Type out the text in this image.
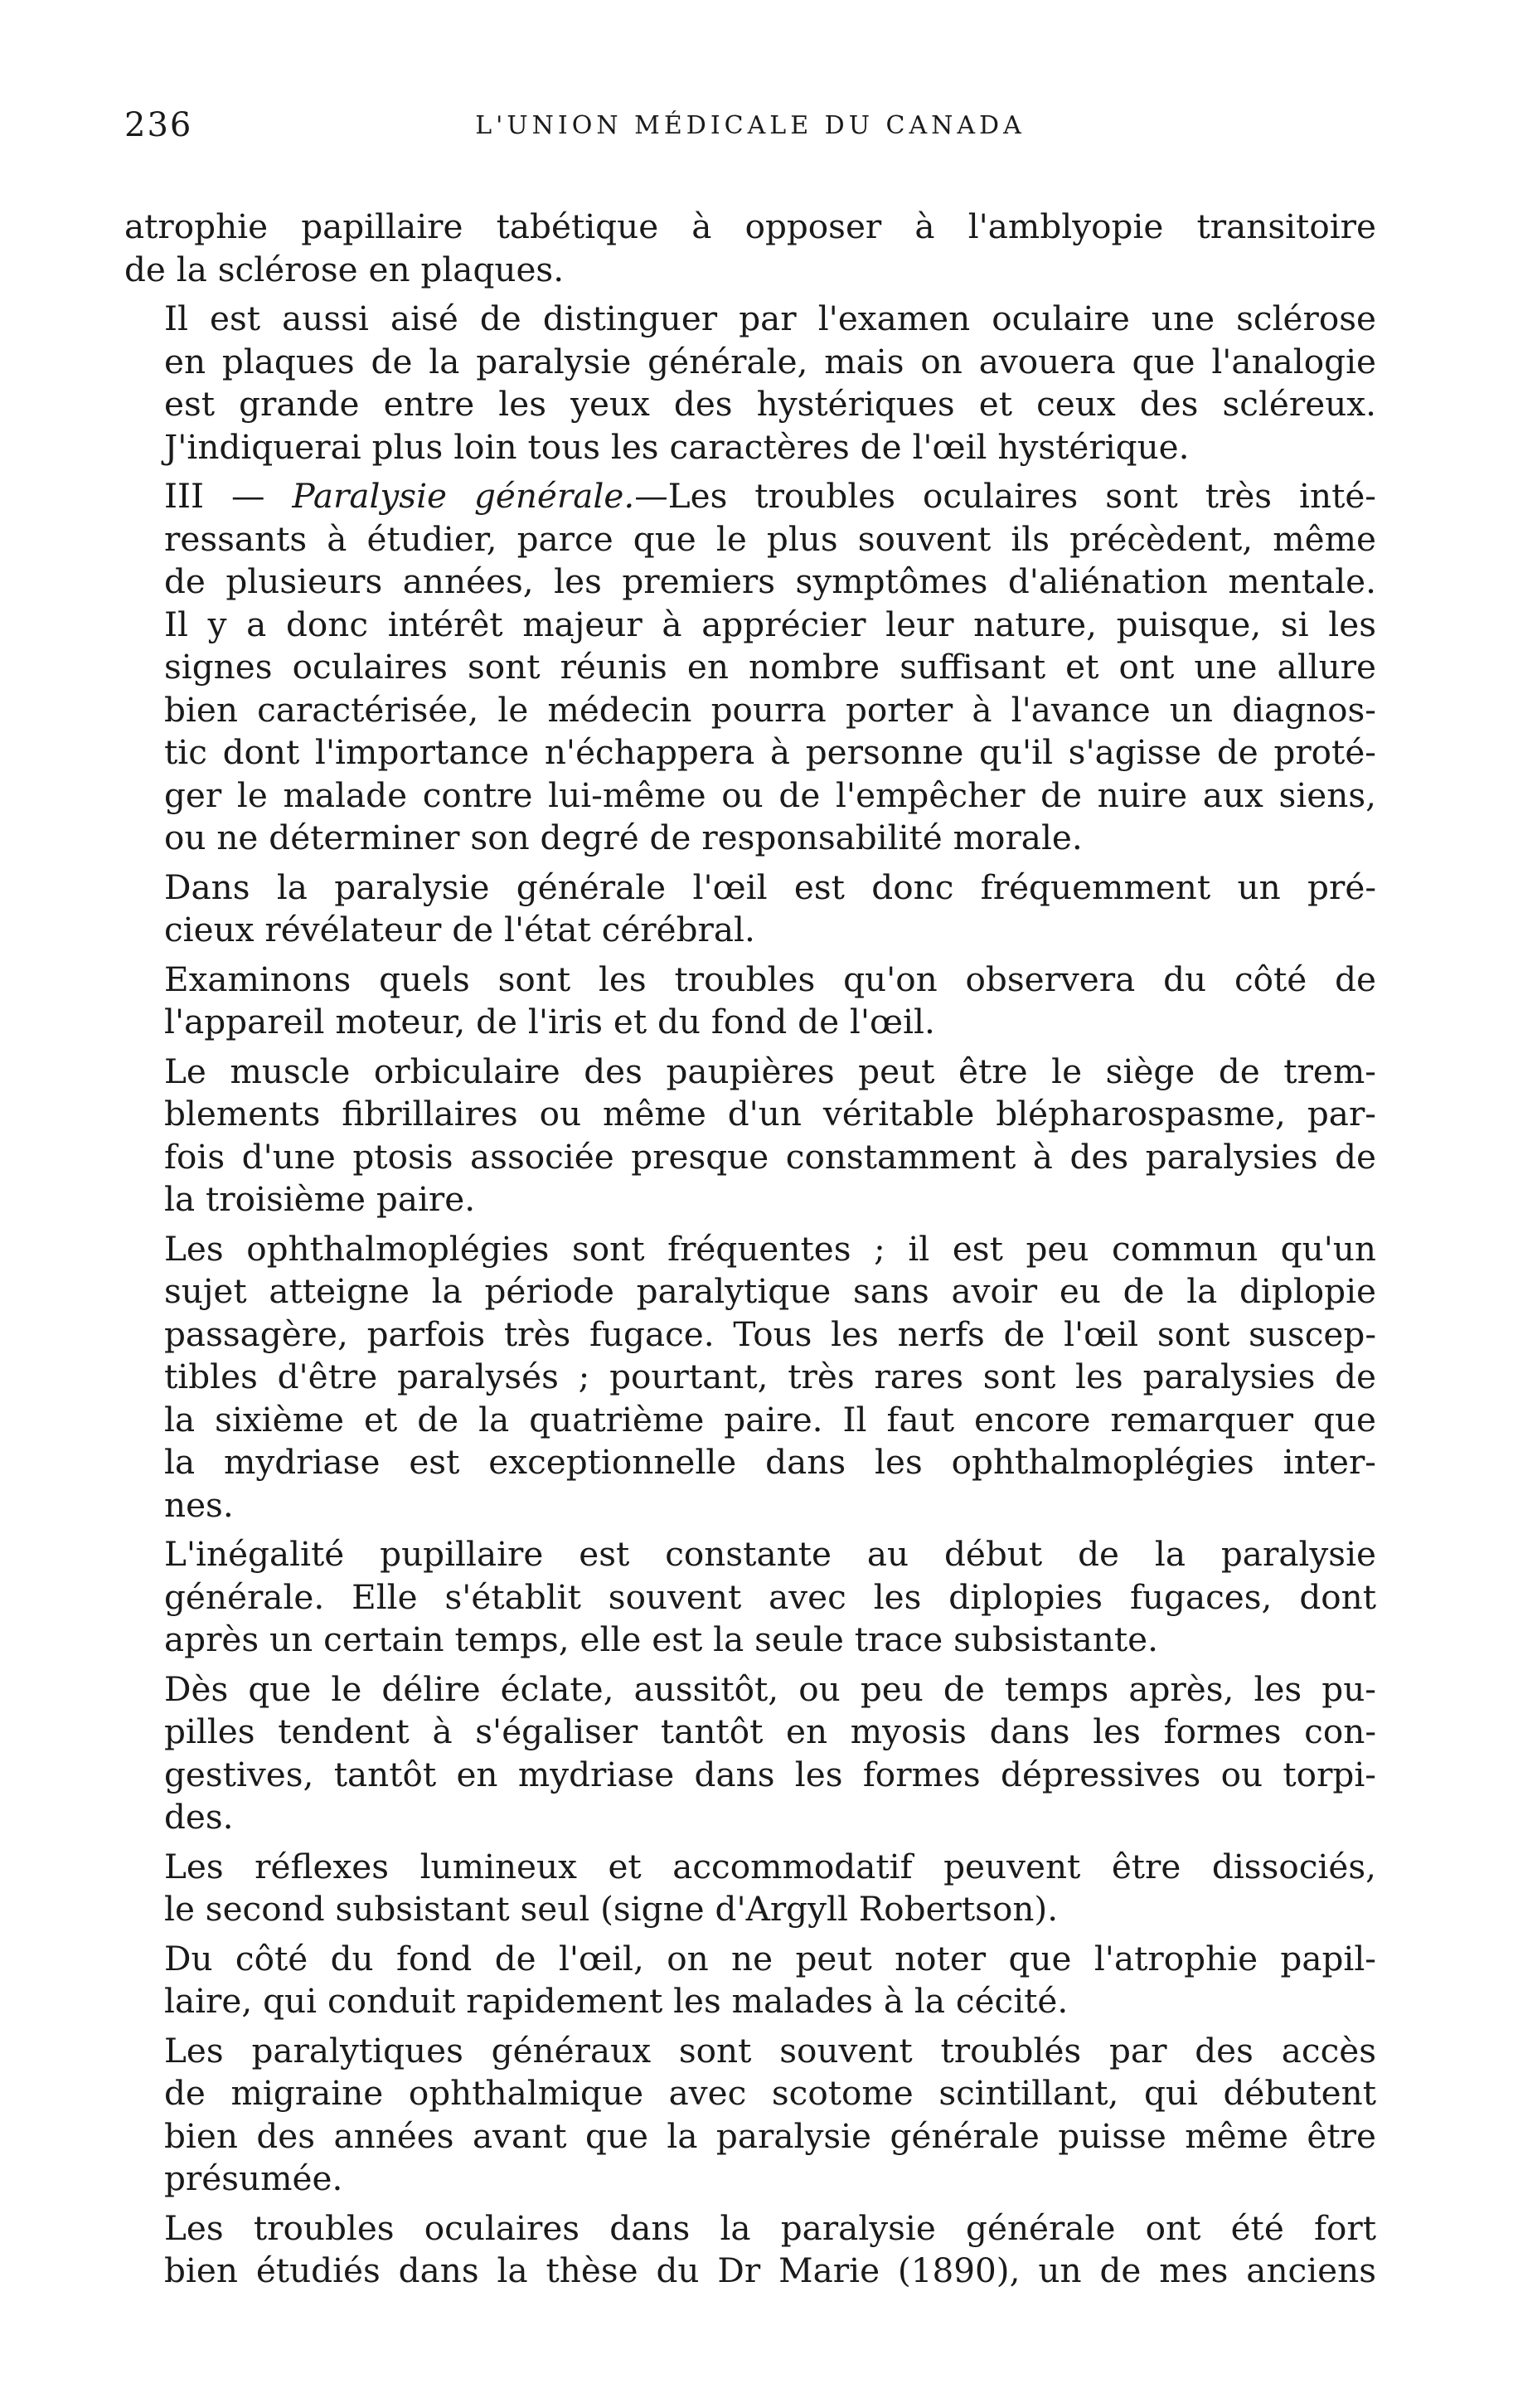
236	L'UNION MÉDICALE DU CANADA
atrophie papillaire tabétique à opposer à l'amblyopie transitoire
de la sclérose en plaques.
Il est aussi aisé de distinguer par l'examen oculaire une sclérose
en plaques de la paralysie générale, mais on avouera que l'analogie
est grande entre les yeux des hystériques et ceux des scléreux.
J'indiquerai plus loin tous les caractères de l'œil hystérique.
III — Paralysie générale.—Les troubles oculaires sont très inté-
ressants à étudier, parce que le plus souvent ils précèdent, même
de plusieurs années, les premiers symptômes d'aliénation mentale.
Il y a donc intérêt majeur à apprécier leur nature, puisque, si les
signes oculaires sont réunis en nombre suffisant et ont une allure
bien caractérisée, le médecin pourra porter à l'avance un diagnos-
tic dont l'importance n'échappera à personne qu'il s'agisse de proté-
ger le malade contre lui-même ou de l'empêcher de nuire aux siens,
ou ne déterminer son degré de responsabilité morale.
Dans la paralysie générale l'œil est donc fréquemment un pré-
cieux révélateur de l'état cérébral.
Examinons quels sont les troubles qu'on observera du côté de
l'appareil moteur, de l'iris et du fond de l'œil.
Le muscle orbiculaire des paupières peut être le siège de trem-
blements fibrillaires ou même d'un véritable blépharospasme, par-
fois d'une ptosis associée presque constamment à des paralysies de
la troisième paire.
Les ophthalmoplégies sont fréquentes ; il est peu commun qu'un
sujet atteigne la période paralytique sans avoir eu de la diplopie
passagère, parfois très fugace. Tous les nerfs de l'œil sont suscep-
tibles d'être paralysés ; pourtant, très rares sont les paralysies de
la sixième et de la quatrième paire. Il faut encore remarquer que
la mydriase est exceptionnelle dans les ophthalmoplégies inter-
nes.
L'inégalité pupillaire est constante au début de la paralysie
générale. Elle s'établit souvent avec les diplopies fugaces, dont
après un certain temps, elle est la seule trace subsistante.
Dès que le délire éclate, aussitôt, ou peu de temps après, les pu-
pilles tendent à s'égaliser tantôt en myosis dans les formes con-
gestives, tantôt en mydriase dans les formes dépressives ou torpi-
des.
Les réflexes lumineux et accommodatif peuvent être dissociés,
le second subsistant seul (signe d'Argyll Robertson).
Du côté du fond de l'œil, on ne peut noter que l'atrophie papil-
laire, qui conduit rapidement les malades à la cécité.
Les paralytiques généraux sont souvent troublés par des accès
de migraine ophthalmique avec scotome scintillant, qui débutent
bien des années avant que la paralysie générale puisse même être
présumée.
Les troubles oculaires dans la paralysie générale ont été fort
bien étudiés dans la thèse du Dr Marie (1890), un de mes anciens
